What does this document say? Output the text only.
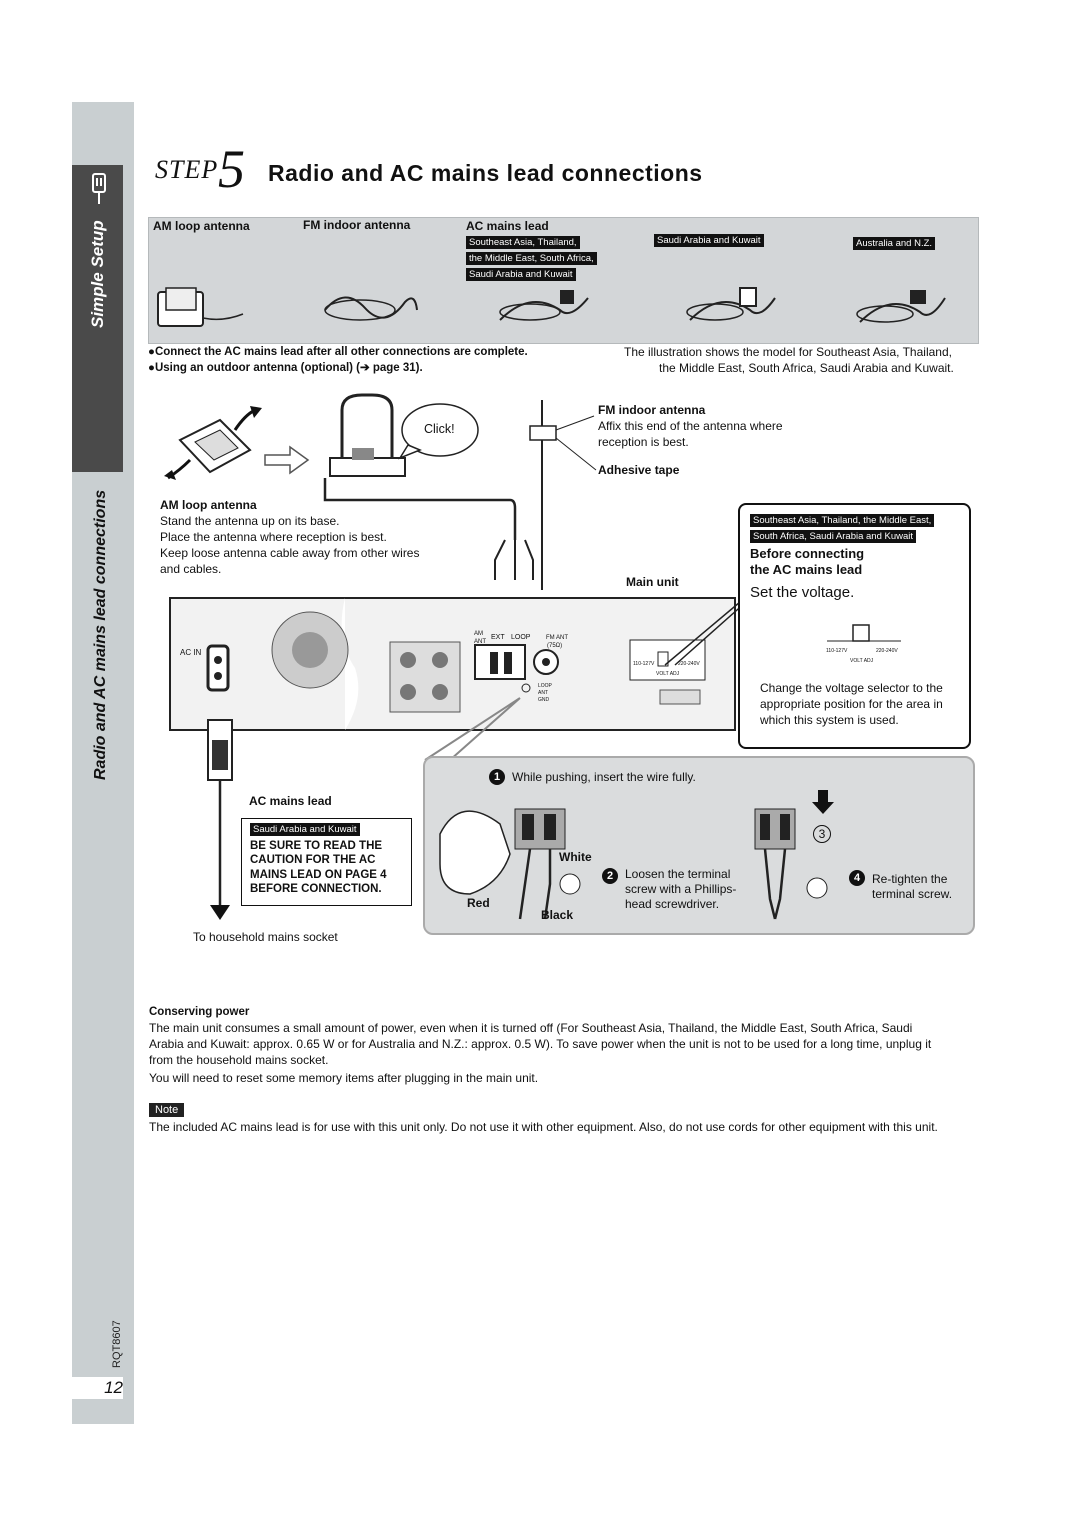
Simple Setup
Radio and AC mains lead connections
RQT8607
12
STEP 5 Radio and AC mains lead connections
AM loop antenna	FM indoor antenna	AC mains lead
Southeast Asia, Thailand,
the Middle East, South Africa,
Saudi Arabia and Kuwait
Saudi Arabia and Kuwait	Australia and N.Z.
●Connect the AC mains lead after all other connections are complete.
●Using an outdoor antenna (optional) (➔ page 31).
The illustration shows the model for Southeast Asia, Thailand,
the Middle East, South Africa, Saudi Arabia and Kuwait.
Click!
FM indoor antenna
Affix this end of the antenna where
reception is best.
Adhesive tape
AM loop antenna
Stand the antenna up on its base.
Place the antenna where reception is best.
Keep loose antenna cable away from other wires
and cables.
Main unit
AC IN
AM ANT
EXT LOOP	FM ANT
(75Ω)
LOOP ANT GND
110-127V	220-240V
VOLT ADJ
AC mains lead
Saudi Arabia and Kuwait
BE SURE TO READ THE
CAUTION FOR THE AC
MAINS LEAD ON PAGE 4
BEFORE CONNECTION.
To household mains socket
Southeast Asia, Thailand, the Middle East,
South Africa, Saudi Arabia and Kuwait
Before connecting
the AC mains lead
Set the voltage.
110-127V	220-240V
VOLT ADJ
Change the voltage selector to the
appropriate position for the area in
which this system is used.
1 While pushing, insert the wire fully.
White
Red
Black
2 Loosen the terminal
screw with a Phillips-
head screwdriver.
3
4 Re-tighten the
terminal screw.
Conserving power
The main unit consumes a small amount of power, even when it is turned off (For Southeast Asia, Thailand, the Middle East, South Africa, Saudi
Arabia and Kuwait: approx. 0.65 W or for Australia and N.Z.: approx. 0.5 W). To save power when the unit is not to be used for a long time, unplug it
from the household mains socket.
You will need to reset some memory items after plugging in the main unit.
Note
The included AC mains lead is for use with this unit only. Do not use it with other equipment. Also, do not use cords for other equipment with this unit.
